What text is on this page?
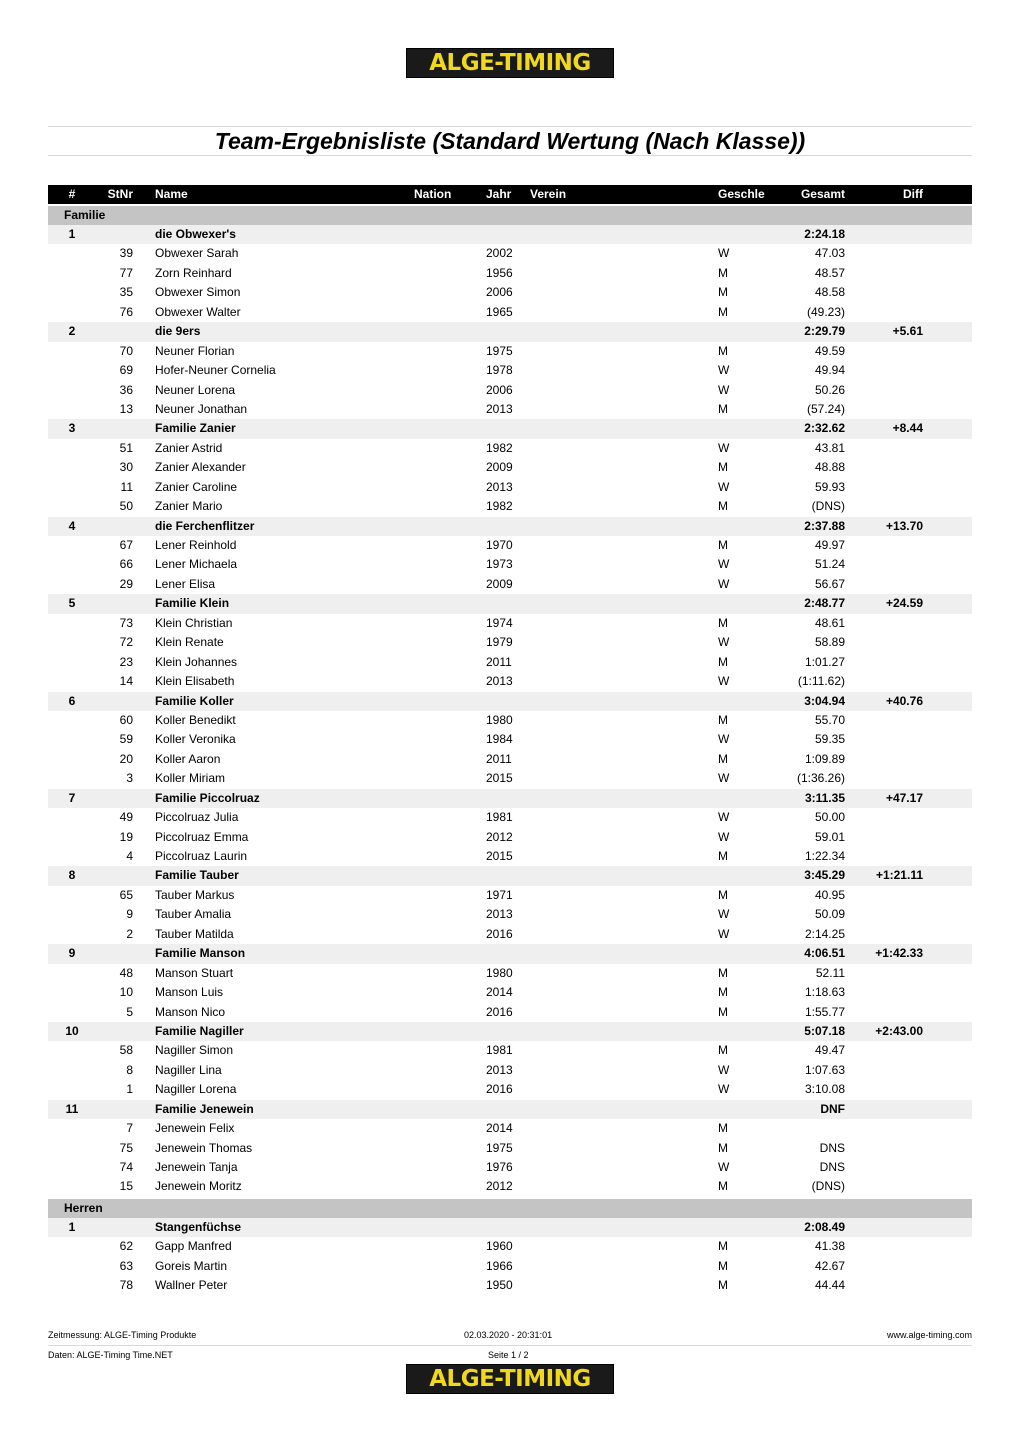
ALGE-TIMING
Team-Ergebnisliste (Standard Wertung (Nach Klasse))
#	StNr Name	Nation	Jahr Verein	Geschle	Gesamt	Diff
Familie
1	die Obwexer's	2:24.18
39 Obwexer Sarah	2002	W	47.03
77 Zorn Reinhard	1956	M	48.57
35 Obwexer Simon	2006	M	48.58
76 Obwexer Walter	1965	M	(49.23)
2	die 9ers	2:29.79	+5.61
70 Neuner Florian	1975	M	49.59
69 Hofer-Neuner Cornelia	1978	W	49.94
36 Neuner Lorena	2006	W	50.26
13 Neuner Jonathan	2013	M	(57.24)
3	Familie Zanier	2:32.62	+8.44
51 Zanier Astrid	1982	W	43.81
30 Zanier Alexander	2009	M	48.88
11 Zanier Caroline	2013	W	59.93
50 Zanier Mario	1982	M	(DNS)
4	die Ferchenflitzer	2:37.88	+13.70
67 Lener Reinhold	1970	M	49.97
66 Lener Michaela	1973	W	51.24
29 Lener Elisa	2009	W	56.67
5	Familie Klein	2:48.77	+24.59
73 Klein Christian	1974	M	48.61
72 Klein Renate	1979	W	58.89
23 Klein Johannes	2011	M	1:01.27
14 Klein Elisabeth	2013	W	(1:11.62)
6	Familie Koller	3:04.94	+40.76
60 Koller Benedikt	1980	M	55.70
59 Koller Veronika	1984	W	59.35
20 Koller Aaron	2011	M	1:09.89
3 Koller Miriam	2015	W	(1:36.26)
7	Familie Piccolruaz	3:11.35	+47.17
49 Piccolruaz Julia	1981	W	50.00
19 Piccolruaz Emma	2012	W	59.01
4 Piccolruaz Laurin	2015	M	1:22.34
8	Familie Tauber	3:45.29	+1:21.11
65 Tauber Markus	1971	M	40.95
9 Tauber Amalia	2013	W	50.09
2 Tauber Matilda	2016	W	2:14.25
9	Familie Manson	4:06.51	+1:42.33
48 Manson Stuart	1980	M	52.11
10 Manson Luis	2014	M	1:18.63
5 Manson Nico	2016	M	1:55.77
10	Familie Nagiller	5:07.18	+2:43.00
58 Nagiller Simon	1981	M	49.47
8 Nagiller Lina	2013	W	1:07.63
1 Nagiller Lorena	2016	W	3:10.08
11	Familie Jenewein	DNF
7 Jenewein Felix	2014	M
75 Jenewein Thomas	1975	M	DNS
74 Jenewein Tanja	1976	W	DNS
15 Jenewein Moritz	2012	M	(DNS)
Herren
1	Stangenfüchse	2:08.49
62 Gapp Manfred	1960	M	41.38
63 Goreis Martin	1966	M	42.67
78 Wallner Peter	1950	M	44.44
Zeitmessung: ALGE-Timing Produkte	02.03.2020 - 20:31:01	www.alge-timing.com
Daten: ALGE-Timing Time.NET	Seite 1 / 2
ALGE-TIMING
